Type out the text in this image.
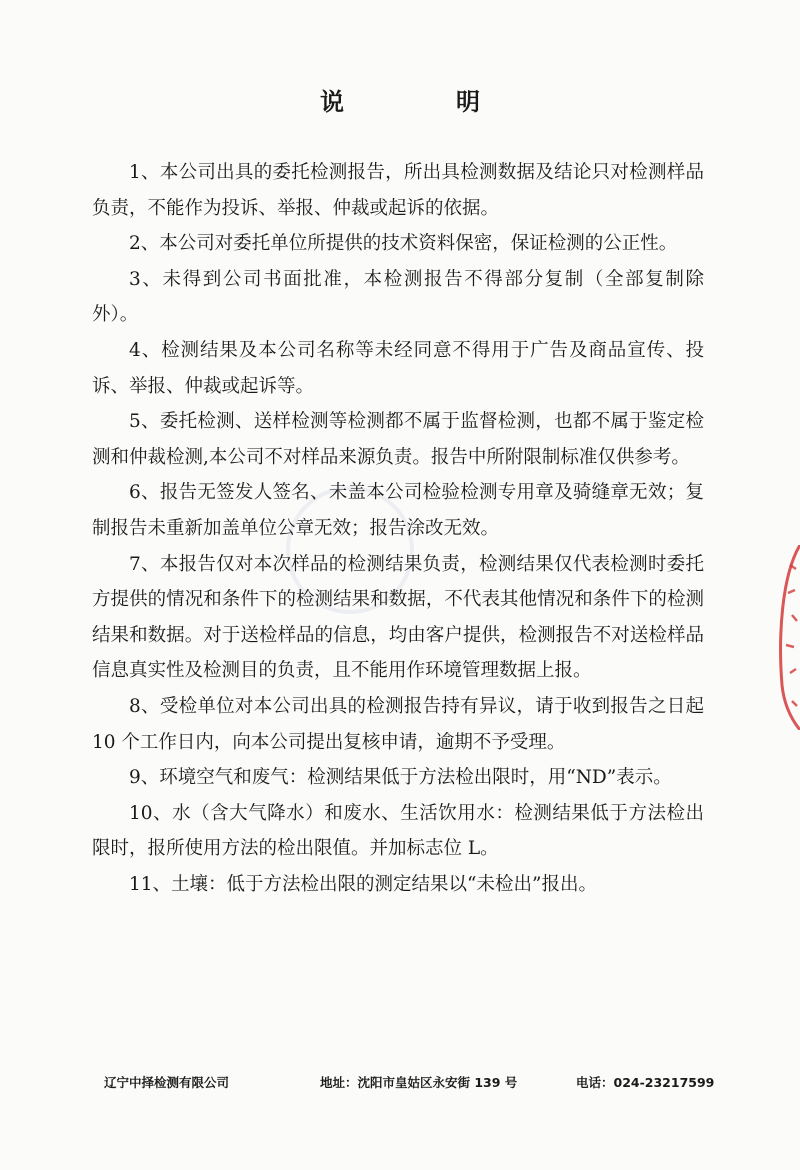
说　明

1、本公司出具的委托检测报告，所出具检测数据及结论只对检测样品负责，不能作为投诉、举报、仲裁或起诉的依据。

2、本公司对委托单位所提供的技术资料保密，保证检测的公正性。

3、未得到公司书面批准，本检测报告不得部分复制（全部复制除外）。

4、检测结果及本公司名称等未经同意不得用于广告及商品宣传、投诉、举报、仲裁或起诉等。

5、委托检测、送样检测等检测都不属于监督检测，也都不属于鉴定检测和仲裁检测,本公司不对样品来源负责。报告中所附限制标准仅供参考。

6、报告无签发人签名、未盖本公司检验检测专用章及骑缝章无效；复制报告未重新加盖单位公章无效；报告涂改无效。

7、本报告仅对本次样品的检测结果负责，检测结果仅代表检测时委托方提供的情况和条件下的检测结果和数据，不代表其他情况和条件下的检测结果和数据。对于送检样品的信息，均由客户提供，检测报告不对送检样品信息真实性及检测目的负责，且不能用作环境管理数据上报。

8、受检单位对本公司出具的检测报告持有异议，请于收到报告之日起 10 个工作日内，向本公司提出复核申请，逾期不予受理。

9、环境空气和废气：检测结果低于方法检出限时，用“ND”表示。

10、水（含大气降水）和废水、生活饮用水：检测结果低于方法检出限时，报所使用方法的检出限值。并加标志位 L。

11、土壤：低于方法检出限的测定结果以“未检出”报出。

辽宁中择检测有限公司	地址：沈阳市皇姑区永安街 139 号	电话：024-23217599
